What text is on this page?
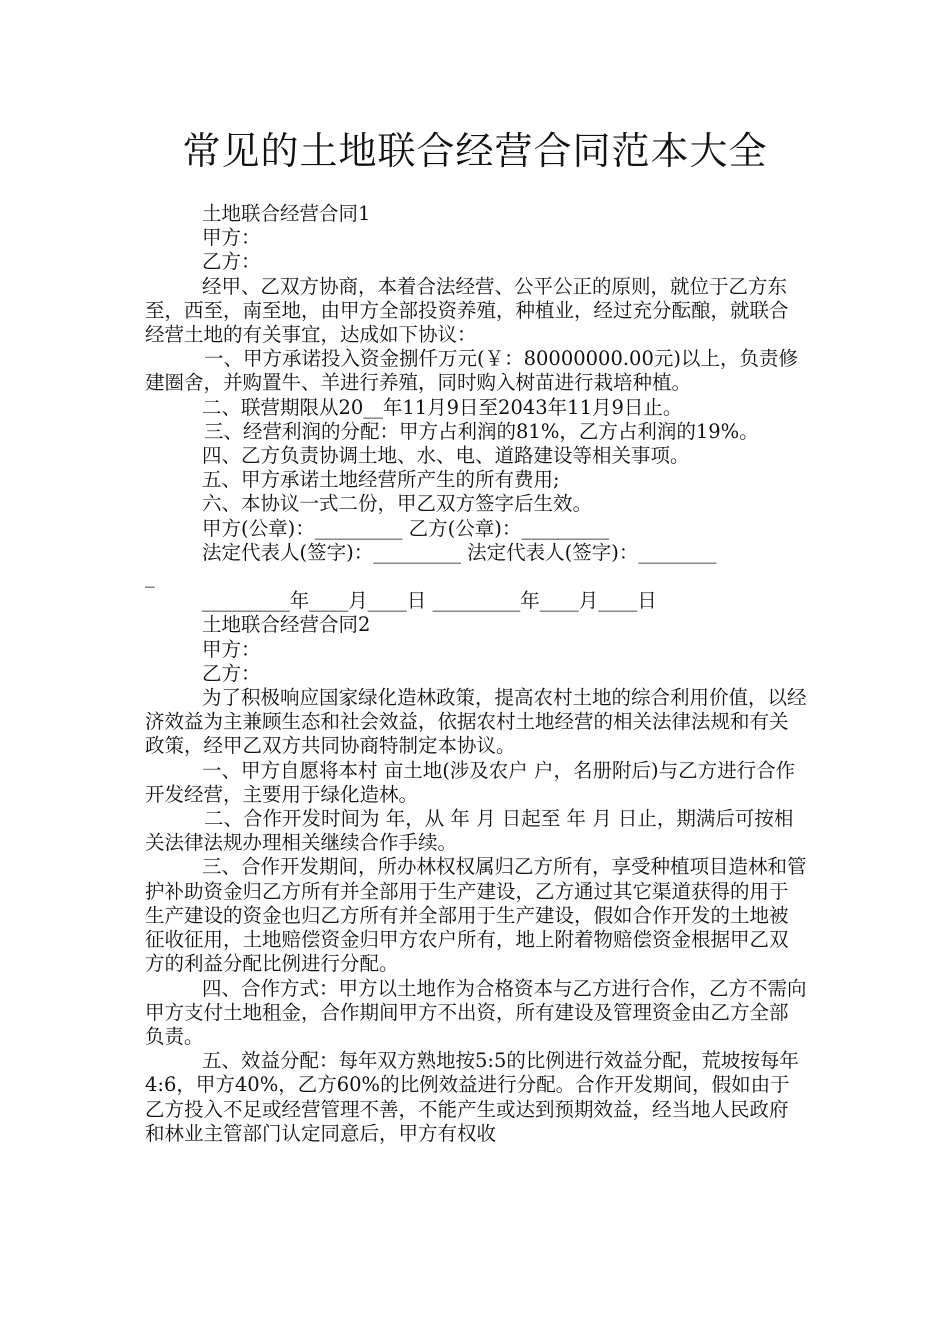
常见的土地联合经营合同范本大全

土地联合经营合同1

甲方：

乙方：

经甲、乙双方协商，本着合法经营、公平公正的原则，就位于乙方东至，西至，南至地，由甲方全部投资养殖，种植业，经过充分酝酿，就联合经营土地的有关事宜，达成如下协议：

一、甲方承诺投入资金捌仟万元(￥：80000000.00元)以上，负责修建圈舍，并购置牛、羊进行养殖，同时购入树苗进行栽培种植。

二、联营期限从20__年11月9日至2043年11月9日止。

三、经营利润的分配：甲方占利润的81%，乙方占利润的19%。

四、乙方负责协调土地、水、电、道路建设等相关事项。

五、甲方承诺土地经营所产生的所有费用;

六、本协议一式二份，甲乙双方签字后生效。

甲方(公章)：_________ 乙方(公章)：_________

法定代表人(签字)：_________ 法定代表人(签字)：________

_

_________年____月____日 _________年____月____日

土地联合经营合同2

甲方：

乙方：

为了积极响应国家绿化造林政策，提高农村土地的综合利用价值，以经济效益为主兼顾生态和社会效益，依据农村土地经营的相关法律法规和有关政策，经甲乙双方共同协商特制定本协议。

一、甲方自愿将本村 亩土地(涉及农户 户，名册附后)与乙方进行合作开发经营，主要用于绿化造林。

二、合作开发时间为 年，从 年 月 日起至 年 月 日止，期满后可按相关法律法规办理相关继续合作手续。

三、合作开发期间，所办林权权属归乙方所有，享受种植项目造林和管护补助资金归乙方所有并全部用于生产建设，乙方通过其它渠道获得的用于生产建设的资金也归乙方所有并全部用于生产建设，假如合作开发的土地被征收征用，土地赔偿资金归甲方农户所有，地上附着物赔偿资金根据甲乙双方的利益分配比例进行分配。

四、合作方式：甲方以土地作为合格资本与乙方进行合作，乙方不需向甲方支付土地租金，合作期间甲方不出资，所有建设及管理资金由乙方全部负责。

五、效益分配：每年双方熟地按5:5的比例进行效益分配，荒坡按每年4:6，甲方40%，乙方60%的比例效益进行分配。合作开发期间，假如由于乙方投入不足或经营管理不善，不能产生或达到预期效益，经当地人民政府和林业主管部门认定同意后，甲方有权收
